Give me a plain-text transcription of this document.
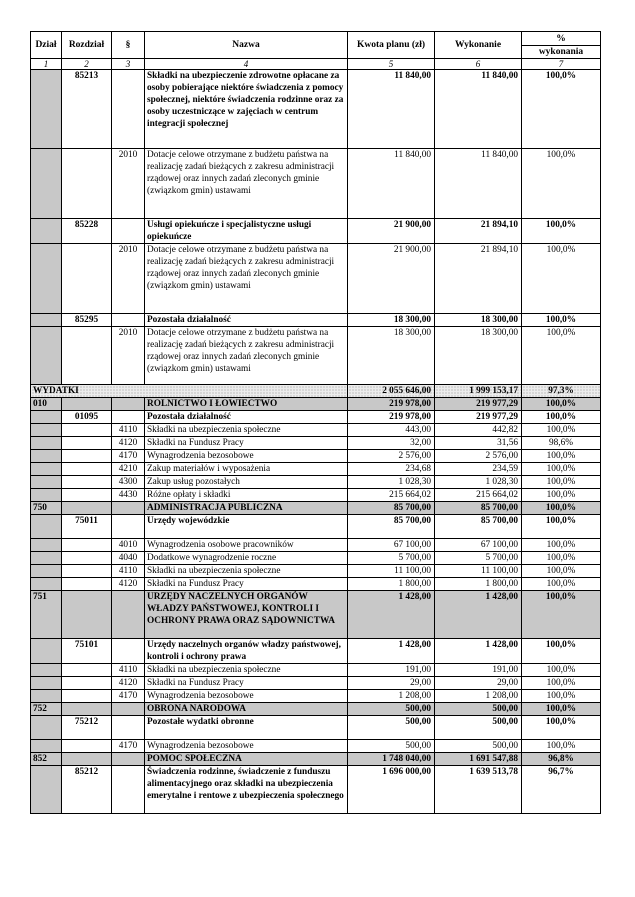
Dział	Rozdział	§	Nazwa	Kwota planu (zł)	Wykonanie	%
wykonania

1	2	3	4	5	6	7
	85213		Składki na ubezpieczenie zdrowotne opłacane za osoby pobierające niektóre świadczenia z pomocy społecznej, niektóre świadczenia rodzinne oraz za osoby uczestniczące w zajęciach w centrum integracji społecznej	11 840,00	11 840,00	100,0%
		2010	Dotacje celowe otrzymane z budżetu państwa na realizację zadań bieżących z zakresu administracji rządowej oraz innych zadań zleconych gminie (związkom gmin) ustawami	11 840,00	11 840,00	100,0%
	85228		Usługi opiekuńcze i specjalistyczne usługi opiekuńcze	21 900,00	21 894,10	100,0%
		2010	Dotacje celowe otrzymane z budżetu państwa na realizację zadań bieżących z zakresu administracji rządowej oraz innych zadań zleconych gminie (związkom gmin) ustawami	21 900,00	21 894,10	100,0%
	85295		Pozostała działalność	18 300,00	18 300,00	100,0%
		2010	Dotacje celowe otrzymane z budżetu państwa na realizację zadań bieżących z zakresu administracji rządowej oraz innych zadań zleconych gminie (związkom gmin) ustawami	18 300,00	18 300,00	100,0%
WYDATKI				2 055 646,00	1 999 153,17	97,3%
010			ROLNICTWO I ŁOWIECTWO	219 978,00	219 977,29	100,0%
	01095		Pozostała działalność	219 978,00	219 977,29	100,0%
		4110	Składki na ubezpieczenia społeczne	443,00	442,82	100,0%
		4120	Składki na Fundusz Pracy	32,00	31,56	98,6%
		4170	Wynagrodzenia bezosobowe	2 576,00	2 576,00	100,0%
		4210	Zakup materiałów i wyposażenia	234,68	234,59	100,0%
		4300	Zakup usług pozostałych	1 028,30	1 028,30	100,0%
		4430	Różne opłaty i składki	215 664,02	215 664,02	100,0%
750			ADMINISTRACJA PUBLICZNA	85 700,00	85 700,00	100,0%
	75011		Urzędy wojewódzkie	85 700,00	85 700,00	100,0%
		4010	Wynagrodzenia osobowe pracowników	67 100,00	67 100,00	100,0%
		4040	Dodatkowe wynagrodzenie roczne	5 700,00	5 700,00	100,0%
		4110	Składki na ubezpieczenia społeczne	11 100,00	11 100,00	100,0%
		4120	Składki na Fundusz Pracy	1 800,00	1 800,00	100,0%
751			URZĘDY NACZELNYCH ORGANÓW WŁADZY PAŃSTWOWEJ, KONTROLI I OCHRONY PRAWA ORAZ SĄDOWNICTWA	1 428,00	1 428,00	100,0%
	75101		Urzędy naczelnych organów władzy państwowej, kontroli i ochrony prawa	1 428,00	1 428,00	100,0%
		4110	Składki na ubezpieczenia społeczne	191,00	191,00	100,0%
		4120	Składki na Fundusz Pracy	29,00	29,00	100,0%
		4170	Wynagrodzenia bezosobowe	1 208,00	1 208,00	100,0%
752			OBRONA NARODOWA	500,00	500,00	100,0%
	75212		Pozostałe wydatki obronne	500,00	500,00	100,0%
		4170	Wynagrodzenia bezosobowe	500,00	500,00	100,0%
852			POMOC SPOŁECZNA	1 748 040,00	1 691 547,88	96,8%
	85212		Świadczenia rodzinne, świadczenie z funduszu alimentacyjnego oraz składki na ubezpieczenia emerytalne i rentowe z ubezpieczenia społecznego	1 696 000,00	1 639 513,78	96,7%
